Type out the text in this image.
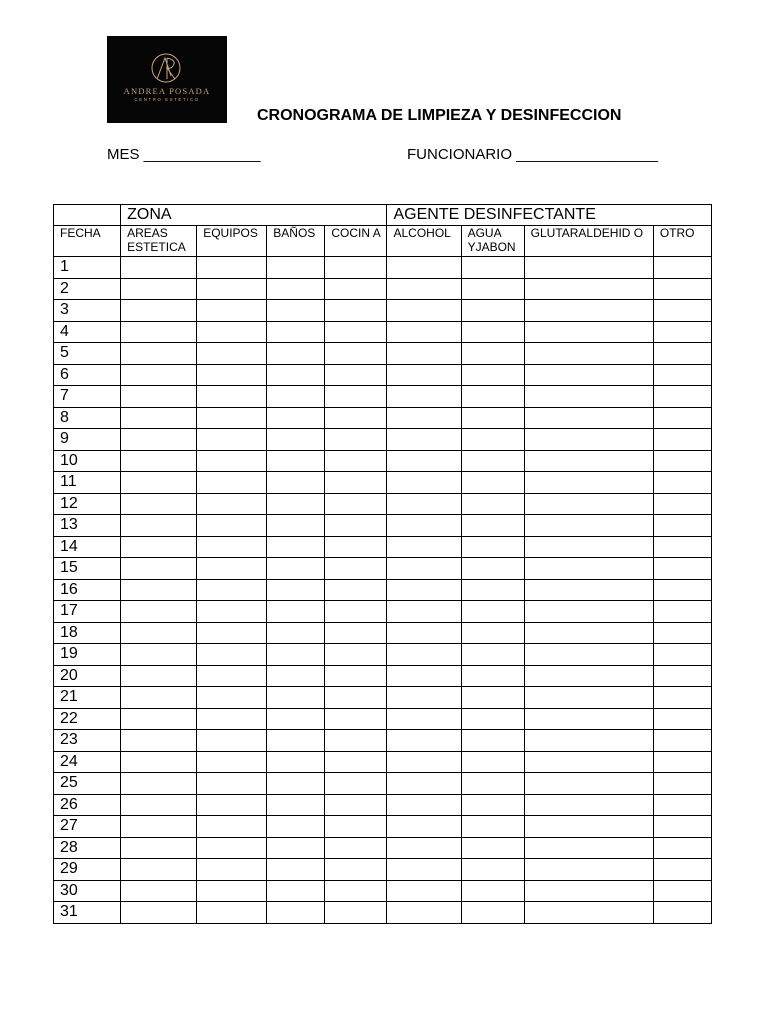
ANDREA POSADA
CENTRO ESTETICO
CRONOGRAMA DE LIMPIEZA Y DESINFECCION
MES ______________	FUNCIONARIO _________________
	ZONA				AGENTE DESINFECTANTE			
FECHA	AREAS ESTETICA	EQUIPOS	BAÑOS	COCIN A	ALCOHOL	AGUA YJABON	GLUTARALDEHID O	OTRO
1								
2								
3								
4								
5								
6								
7								
8								
9								
10								
11								
12								
13								
14								
15								
16								
17								
18								
19								
20								
21								
22								
23								
24								
25								
26								
27								
28								
29								
30								
31								
